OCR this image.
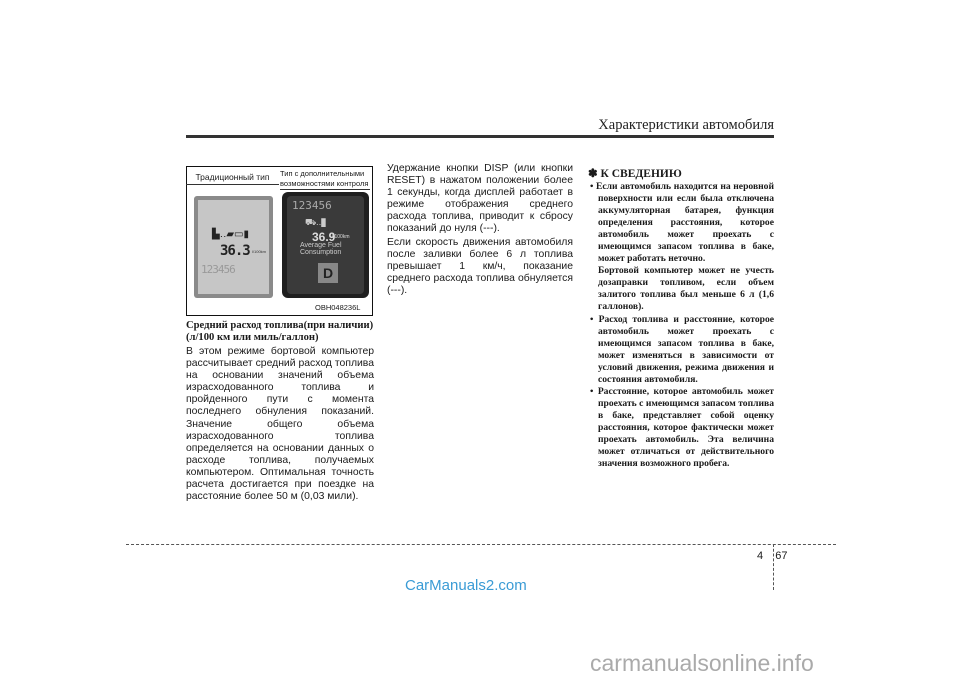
Характеристики автомобиля
Традиционный тип	Тип с дополнительными возможностями контроля
▙‥▰▭▮
36.3 l/100km
123456
123456
⛟‥▮
36.9
l/100km
Average Fuel Consumption
D
OBH048236L
Средний расход топлива(при наличии) (л/100 км или миль/галлон)
В этом режиме бортовой компьютер рассчитывает средний расход топлива на основании значений объема израсходованного топлива и пройденного пути с момента последнего обнуления показаний. Значение общего объема израсходованного топлива определяется на основании данных о расходе топлива, получаемых компьютером. Оптимальная точность расчета достигается при поездке на расстояние более 50 м (0,03 мили).

Удержание кнопки DISP (или кнопки RESET) в нажатом положении более 1 секунды, когда дисплей работает в режиме отображения среднего расхода топлива, приводит к сбросу показаний до нуля (---).

Если скорость движения автомобиля после заливки более 6 л топлива превышает 1 км/ч, показание среднего расхода топлива обнуляется (---).

✽ К СВЕДЕНИЮ
• Если автомобиль находится на неровной поверхности или если была отключена аккумуляторная батарея, функция определения расстояния, которое автомобиль может проехать с имеющимся запасом топлива в баке, может работать неточно.
Бортовой компьютер может не учесть дозаправки топливом, если объем залитого топлива был меньше 6 л (1,6 галлонов).
• Расход топлива и расстояние, которое автомобиль может проехать с имеющимся запасом топлива в баке, может изменяться в зависимости от условий движения, режима движения и состояния автомобиля.
• Расстояние, которое автомобиль может проехать с имеющимся запасом топлива в баке, представляет собой оценку расстояния, которое фактически может проехать автомобиль. Эта величина может отличаться от действительного значения возможного пробега.
4 67
CarManuals2.com
carmanualsonline.info
